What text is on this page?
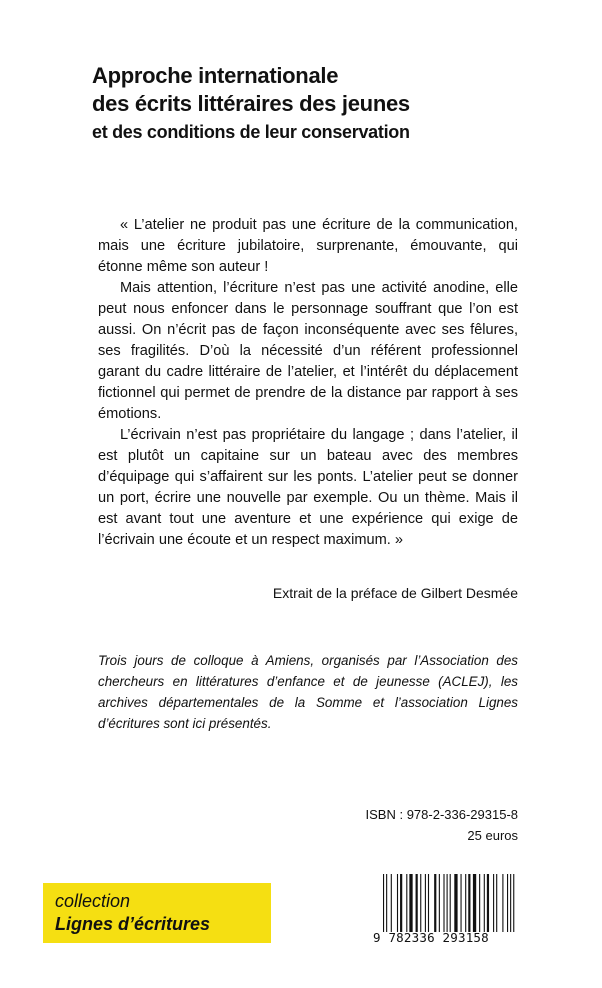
Approche internationale
des écrits littéraires des jeunes
et des conditions de leur conservation

« L’atelier ne produit pas une écriture de la communication, mais une écriture jubilatoire, surprenante, émouvante, qui étonne même son auteur !

Mais attention, l’écriture n’est pas une activité anodine, elle peut nous enfoncer dans le personnage souffrant que l’on est aussi. On n’écrit pas de façon inconséquente avec ses fêlures, ses fragilités. D’où la nécessité d’un référent professionnel garant du cadre littéraire de l’atelier, et l’intérêt du déplacement fictionnel qui permet de prendre de la distance par rapport à ses émotions.

L’écrivain n’est pas propriétaire du langage ; dans l’atelier, il est plutôt un capitaine sur un bateau avec des membres d’équipage qui s’affairent sur les ponts. L’atelier peut se donner un port, écrire une nouvelle par exemple. Ou un thème. Mais il est avant tout une aventure et une expérience qui exige de l’écrivain une écoute et un respect maximum. »

Extrait de la préface de Gilbert Desmée
Trois jours de colloque à Amiens, organisés par l’Association des chercheurs en littératures d’enfance et de jeunesse (ACLEJ), les archives départementales de la Somme et l’association Lignes d’écritures sont ici présentés.
ISBN : 978-2-336-29315-8
25 euros
collection
Lignes d’écritures
9 782336 293158
